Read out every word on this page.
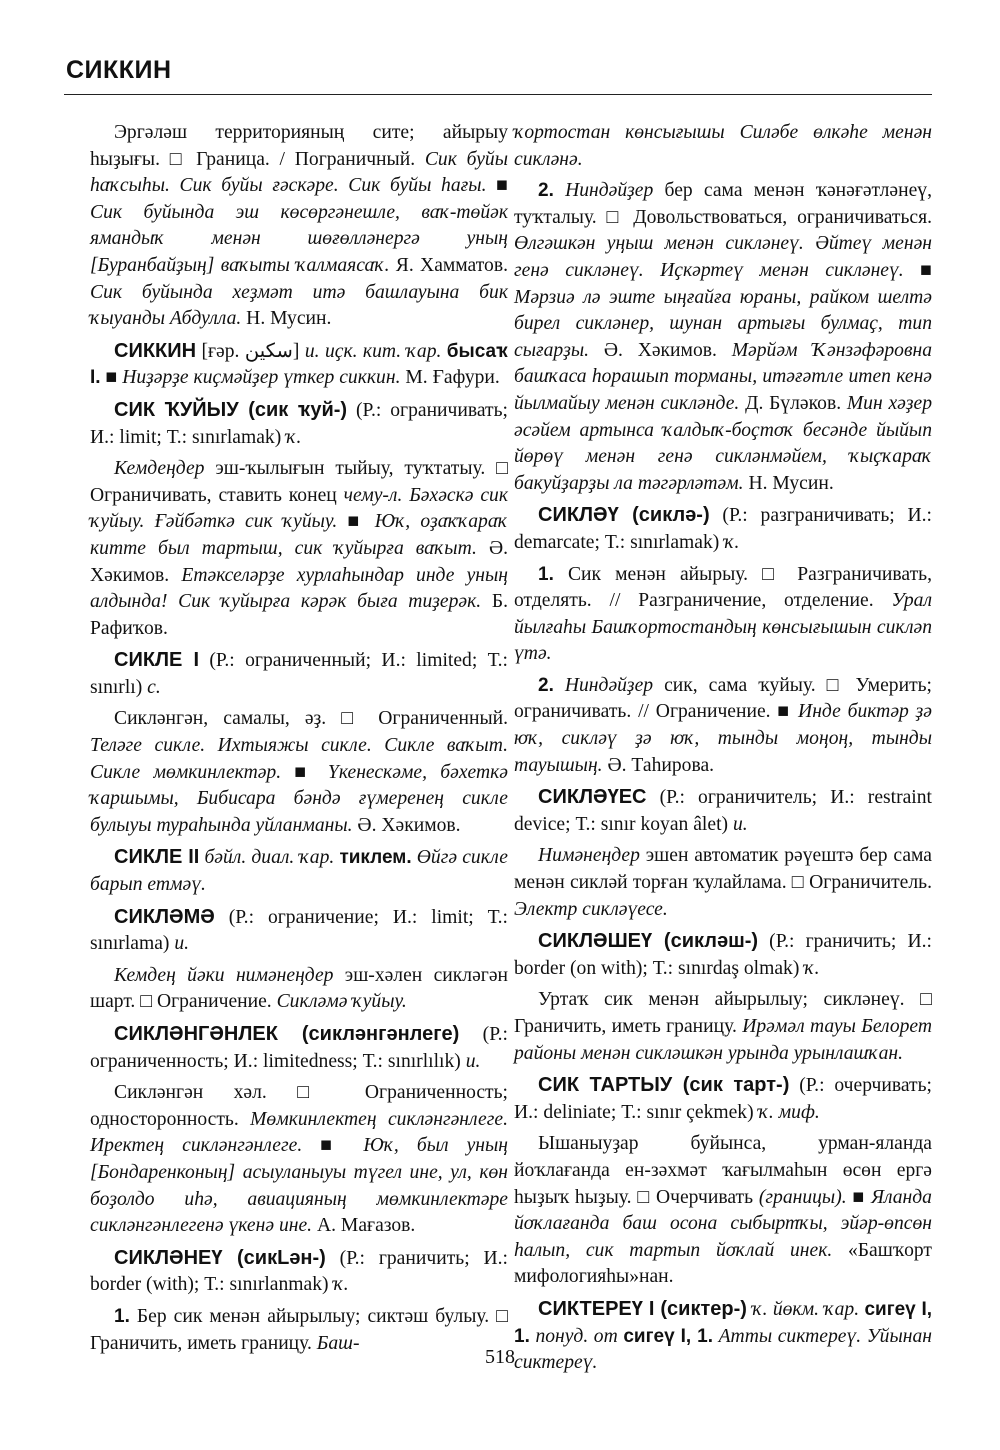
СИККИН

Эргәләш территорияның сите; айырыу һыҙығы. □ Граница. / Пограничный. Сик буйы һаҡсыһы. Сик буйы ғәскәре. Сик буйы һағы. ■ Сик буйында эш көсөргәнешле, ваҡ-төйәк ямандыҡ менән шөғөлләнергә уның [Буранбайҙың] ваҡыты ҡалмаясаҡ. Я. Хамматов. Сик буйында хеҙмәт итә башлауына бик ҡыуанды Абдулла. Н. Мусин.

СИККИН [ғәр. سكين] и. иҫк. кит. ҡар. бысаҡ I. ■ Ниҙәрҙе киҫмәйҙер үткер сиккин. М. Ғафури.

СИК ҠУЙЫУ (сик ҡуй-) (Р.: ограничивать; И.: limit; Т.: sınırlamak) ҡ.

Кемдеңдер эш-ҡылығын тыйыу, туҡтатыу. □ Ограничивать, ставить конец чему-л. Бәхәскә сик ҡуйыу. Ғәйбәткә сик ҡуйыу. ■ Юҡ, оҙаҡҡараҡ китте был тартыш, сик ҡуйырға ваҡыт. Ә. Хәкимов. Етәкселәрҙе хурлаһындар инде уның алдында! Сик ҡуйырға кәрәк быға тиҙерәк. Б. Рафиҡов.

СИКЛЕ I (Р.: ограниченный; И.: limited; Т.: sınırlı) с.

Сикләнгән, самалы, әҙ. □ Ограниченный. Теләге сикле. Ихтыяжы сикле. Сикле ваҡыт. Сикле мөмкинлектәр. ■ Үкенескәме, бәхеткә ҡаршымы, Бибисара бәндә ғүмеренең сикле булыуы тураһында уйланманы. Ә. Хәкимов.

СИКЛЕ II бәйл. диал. ҡар. тиклем. Өйгә сикле барып етмәү.

СИКЛӘМӘ (Р.: ограничение; И.: limit; Т.: sınırlama) и.

Кемдең йәки нимәнеңдер эш-хәлен сикләгән шарт. □ Ограничение. Сикләмә ҡуйыу.

СИКЛӘНГӘНЛЕК (сикләнгәнлеге) (Р.: ограниченность; И.: limitedness; Т.: sınırlılık) и.

Сикләнгән хәл. □ Ограниченность; односторонность. Мөмкинлектең сикләнгәнлеге. Иректең сикләнгәнлеге. ■ Юҡ, был уның [Бондаренконың] асыуланыуы түгел ине, ул, көн боҙолдо иһә, авиацияның мөмкинлектәре сикләнгәнлегенә үкенә ине. А. Мағазов.

СИКЛӘНЕҮ (сикLән-) (Р.: граничить; И.: border (with); Т.: sınırlanmak) ҡ.

1. Бер сик менән айырылыу; сиктәш булыу. □ Граничить, иметь границу. Баш-

ҡортостан көнсығышы Силәбе өлкәһе менән сикләнә.

2. Ниндәйҙер бер сама менән ҡәнәғәтләнеү, туҡталыу. □ Довольствоваться, ограничиваться. Өлгәшкән уңыш менән сикләнеү. Әйтеү менән генә сикләнеү. Иҫкәртеү менән сикләнеү. ■ Мәрзиә лә эште ыңғайға юраны, райком шелтә бирел сикләнер, шунан артығы булмаҫ, тип сығарҙы. Ә. Хәкимов. Мәрйәм Ҡәнзәфәровна башҡаса һорашып торманы, итәғәтле итеп кенә йылмайыу менән сикләнде. Д. Бүләков. Мин хәҙер әсәйем артынса ҡалдыҡ-боҫтоҡ бесәнде йыйып йөрөү менән генә сикләнмәйем, ҡыҫҡараҡ бакуйҙарҙы ла тәгәрләтәм. Н. Мусин.

СИКЛӘҮ (сиклә-) (Р.: разграничивать; И.: demarcate; Т.: sınırlamak) ҡ.

1. Сик менән айырыу. □ Разграничивать, отделять. // Разграничение, отделение. Урал йылғаһы Башҡортостандың көнсығышын сикләп үтә.

2. Ниндәйҙер сик, сама ҡуйыу. □ Умерить; ограничивать. // Ограничение. ■ Инде биктәр ҙә юҡ, сикләү ҙә юҡ, тынды моңоң, тынды тауышың. Ә. Таһирова.

СИКЛӘҮЕС (Р.: ограничитель; И.: restraint device; Т.: sınır koyan âlet) и.

Нимәнеңдер эшен автоматик рәүештә бер сама менән сикләй торған ҡулайлама. □ Ограничитель. Электр сикләүесе.

СИКЛӘШЕҮ (сикләш-) (Р.: граничить; И.: border (on with); Т.: sınırdaş olmak) ҡ.

Уртаҡ сик менән айырылыу; сикләнеү. □ Граничить, иметь границу. Ирәмәл тауы Белорет районы менән сикләшкән урында урынлашҡан.

СИК ТАРТЫУ (сик тарт-) (Р.: очерчивать; И.: deliniate; Т.: sınır çekmek) ҡ. миф.

Ышаныуҙар буйынса, урман-яланда йоҡлағанда ен-зәхмәт ҡағылмаһын өсөн ергә һыҙыҡ һыҙыу. □ Очерчивать (границы). ■ Яланда йоҡлағанда баш осона сыбыртҡы, эйәр-өпсөн һалып, сик тартып йоҡлай инек. «Башҡорт мифологияһы»нан.

СИКТЕРЕҮ I (сиктер-) ҡ. йөкм. ҡар. сигеү I, 1. понуд. от сигеү I, 1. Атты сиктереү. Уйынан сиктереү.

518
